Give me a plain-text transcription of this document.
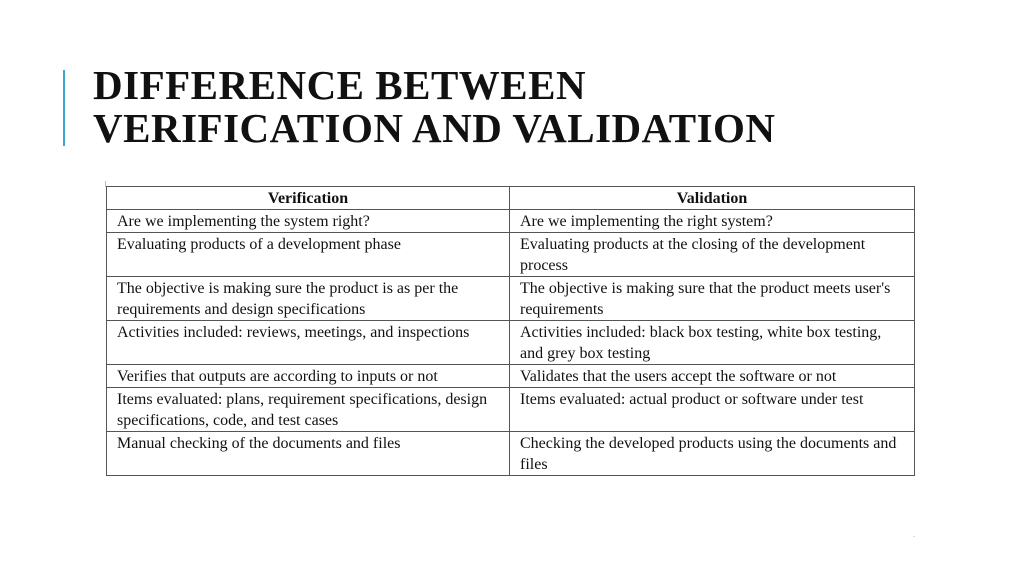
DIFFERENCE BETWEEN
VERIFICATION AND VALIDATION
Verification	Validation
Are we implementing the system right?	Are we implementing the right system?
Evaluating products of a development phase	Evaluating products at the closing of the development process
The objective is making sure the product is as per the requirements and design specifications	The objective is making sure that the product meets user's requirements
Activities included: reviews, meetings, and inspections	Activities included: black box testing, white box testing, and grey box testing
Verifies that outputs are according to inputs or not	Validates that the users accept the software or not
Items evaluated: plans, requirement specifications, design specifications, code, and test cases	Items evaluated: actual product or software under test
Manual checking of the documents and files	Checking the developed products using the documents and files
·
